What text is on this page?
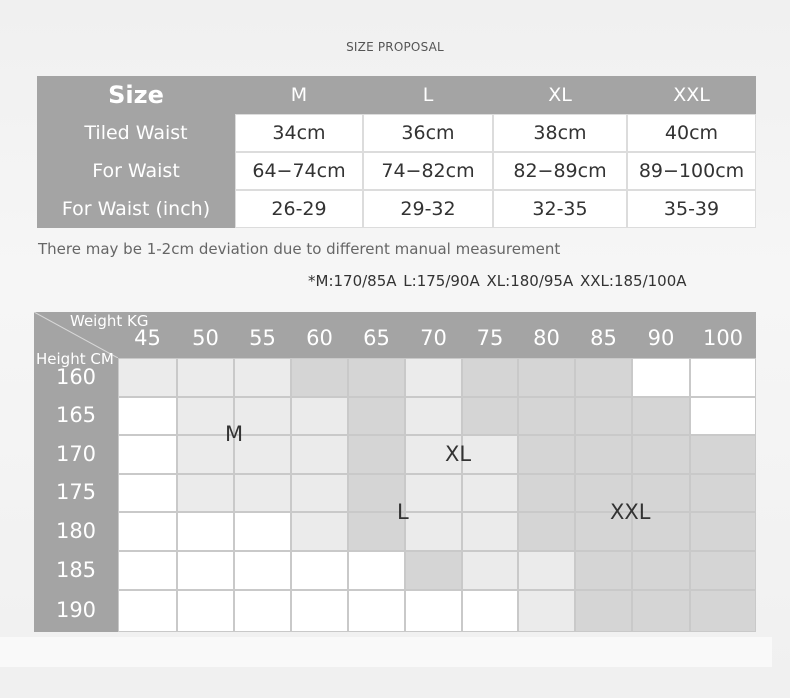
SIZE PROPOSAL
Size	M	L	XL	XXL
Tiled Waist	34cm	36cm	38cm	40cm
For Waist	64−74cm	74−82cm	82−89cm	89−100cm
For Waist (inch)	26-29	29-32	32-35	35-39
There may be 1-2cm deviation due to different manual measurement
*M:170/85A L:175/90A XL:180/95A XXL:185/100A
Weight KG
Height CM
45	50	55	60	65	70	75	80	85	90	100
160
165
170
175
180
185
190
M
L
XL
XXL
